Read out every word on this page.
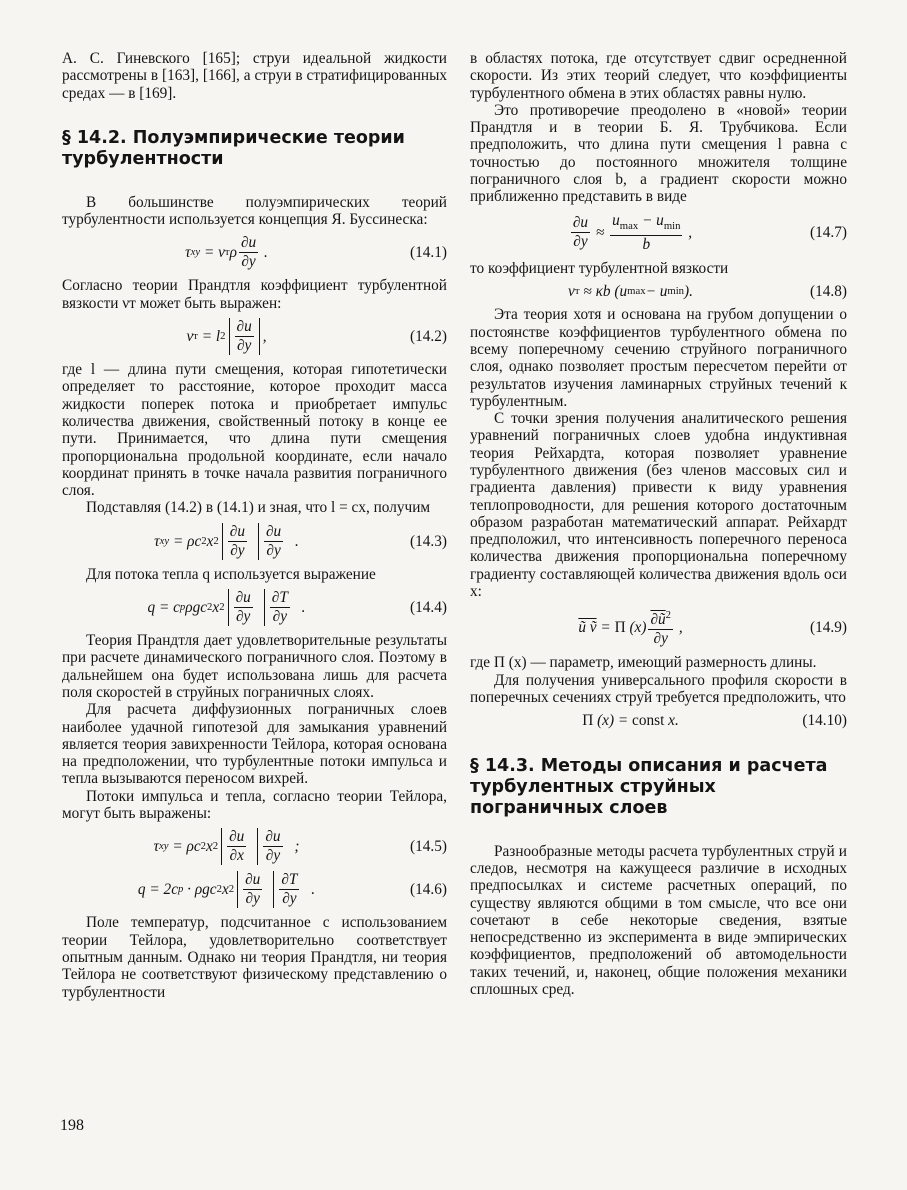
А. С. Гиневского [165]; струи идеальной жидкости рассмотрены в [163], [166], а струи в стратифицированных средах — в [169].

§ 14.2. Полуэмпирические теории турбулентности

В большинстве полуэмпирических теорий турбулентности используется концепция Я. Буссинеска:

τ xy = ν т ρ $\frac{\partial u}{\partial y}$ .	(14.1)

Согласно теории Прандтля коэффициент турбулентной вязкости νт может быть выражен:

ν т = l $2 \frac{\partial u}{\partial y}$ ,	(14.2)

где l — длина пути смещения, которая гипотетически определяет то расстояние, которое проходит масса жидкости поперек потока и приобретает импульс количества движения, свойственный потоку в конце ее пути. Принимается, что длина пути смещения пропорциональна продольной координате, если начало координат принять в точке начала развития пограничного слоя.

Подставляя (14.2) в (14.1) и зная, что l = cx, получим

τ xy = ρc 2 x $2 \frac{\partial u}{\partial y} \frac{\partial u}{\partial y}$ .	(14.3)

Для потока тепла q используется выражение

q = c p ρgc 2 x $2 \frac{\partial u}{\partial y} \frac{\partial T}{\partial y}$ .	(14.4)

Теория Прандтля дает удовлетворительные результаты при расчете динамического пограничного слоя. Поэтому в дальнейшем она будет использована лишь для расчета поля скоростей в струйных пограничных слоях.

Для расчета диффузионных пограничных слоев наиболее удачной гипотезой для замыкания уравнений является теория завихренности Тейлора, которая основана на предположении, что турбулентные потоки импульса и тепла вызываются переносом вихрей.

Потоки импульса и тепла, согласно теории Тейлора, могут быть выражены:

τ xy = ρc 2 x $2 \frac{\partial u}{\partial x} \frac{\partial u}{\partial y}$ ;	(14.5)
q = 2c p · ρgc 2 x $2 \frac{\partial u}{\partial y} \frac{\partial T}{\partial y}$ .	(14.6)

Поле температур, подсчитанное с использованием теории Тейлора, удовлетворительно соответствует опытным данным. Однако ни теория Прандтля, ни теория Тейлора не соответствуют физическому представлению о турбулентности

в областях потока, где отсутствует сдвиг осредненной скорости. Из этих теорий следует, что коэффициенты турбулентного обмена в этих областях равны нулю.

Это противоречие преодолено в «новой» теории Прандтля и в теории Б. Я. Трубчикова. Если предположить, что длина пути смещения l равна с точностью до постоянного множителя толщине пограничного слоя b, а градиент скорости можно приближенно представить в виде

$\frac{\partial u}{\partial y} \approx \frac{u_{max} - u_{min}}{b}$ ,	(14.7)

то коэффициент турбулентной вязкости

ν т ≈ κb (u max − u min ).	(14.8)

Эта теория хотя и основана на грубом допущении о постоянстве коэффициентов турбулентного обмена по всему поперечному сечению струйного пограничного слоя, однако позволяет простым пересчетом перейти от результатов изучения ламинарных струйных течений к турбулентным.

С точки зрения получения аналитического решения уравнений пограничных слоев удобна индуктивная теория Рейхардта, которая позволяет уравнение турбулентного движения (без членов массовых сил и градиента давления) привести к виду уравнения теплопроводности, для решения которого достаточным образом разработан математический аппарат. Рейхардт предположил, что интенсивность поперечного переноса количества движения пропорциональна поперечному градиенту составляющей количества движения вдоль оси x:

ũ ṽ = Π $(x) \frac{\partial ũ^2}{\partial y}$ ,	(14.9)

где Π (x) — параметр, имеющий размерность длины.

Для получения универсального профиля скорости в поперечных сечениях струй требуется предположить, что

Π (x) = const x.	(14.10)
§ 14.3. Методы описания и расчета турбулентных струйных пограничных слоев

Разнообразные методы расчета турбулентных струй и следов, несмотря на кажущееся различие в исходных предпосылках и системе расчетных операций, по существу являются общими в том смысле, что все они сочетают в себе некоторые сведения, взятые непосредственно из эксперимента в виде эмпирических коэффициентов, предположений об автомодельности таких течений, и, наконец, общие положения механики сплошных сред.

198
